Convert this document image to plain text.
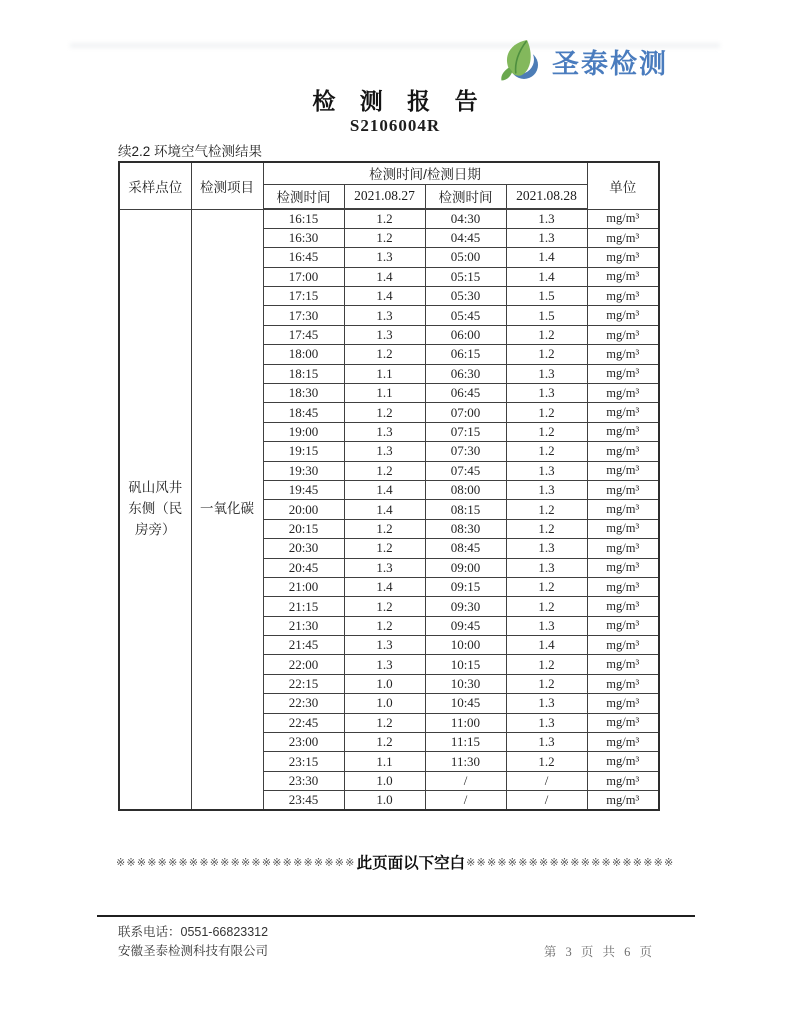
圣泰检测
检 测 报 告
S2106004R
续2.2 环境空气检测结果
采样点位	检测项目	检测时间/检测日期				单位
		检测时间	2021.08.27	检测时间	2021.08.28	
矾山风井东侧（民房旁）	一氧化碳	16:15	1.2	04:30	1.3	mg/m³
		16:30	1.2	04:45	1.3	mg/m³
		16:45	1.3	05:00	1.4	mg/m³
		17:00	1.4	05:15	1.4	mg/m³
		17:15	1.4	05:30	1.5	mg/m³
		17:30	1.3	05:45	1.5	mg/m³
		17:45	1.3	06:00	1.2	mg/m³
		18:00	1.2	06:15	1.2	mg/m³
		18:15	1.1	06:30	1.3	mg/m³
		18:30	1.1	06:45	1.3	mg/m³
		18:45	1.2	07:00	1.2	mg/m³
		19:00	1.3	07:15	1.2	mg/m³
		19:15	1.3	07:30	1.2	mg/m³
		19:30	1.2	07:45	1.3	mg/m³
		19:45	1.4	08:00	1.3	mg/m³
		20:00	1.4	08:15	1.2	mg/m³
		20:15	1.2	08:30	1.2	mg/m³
		20:30	1.2	08:45	1.3	mg/m³
		20:45	1.3	09:00	1.3	mg/m³
		21:00	1.4	09:15	1.2	mg/m³
		21:15	1.2	09:30	1.2	mg/m³
		21:30	1.2	09:45	1.3	mg/m³
		21:45	1.3	10:00	1.4	mg/m³
		22:00	1.3	10:15	1.2	mg/m³
		22:15	1.0	10:30	1.2	mg/m³
		22:30	1.0	10:45	1.3	mg/m³
		22:45	1.2	11:00	1.3	mg/m³
		23:00	1.2	11:15	1.3	mg/m³
		23:15	1.1	11:30	1.2	mg/m³
		23:30	1.0	/	/	mg/m³
		23:45	1.0	/	/	mg/m³
※※※※※※※※※※※※※※※※※※※※※※※ 此页面以下空白 ※※※※※※※※※※※※※※※※※※※※
联系电话：0551-66823312
安徽圣泰检测科技有限公司	第 3 页 共 6 页
